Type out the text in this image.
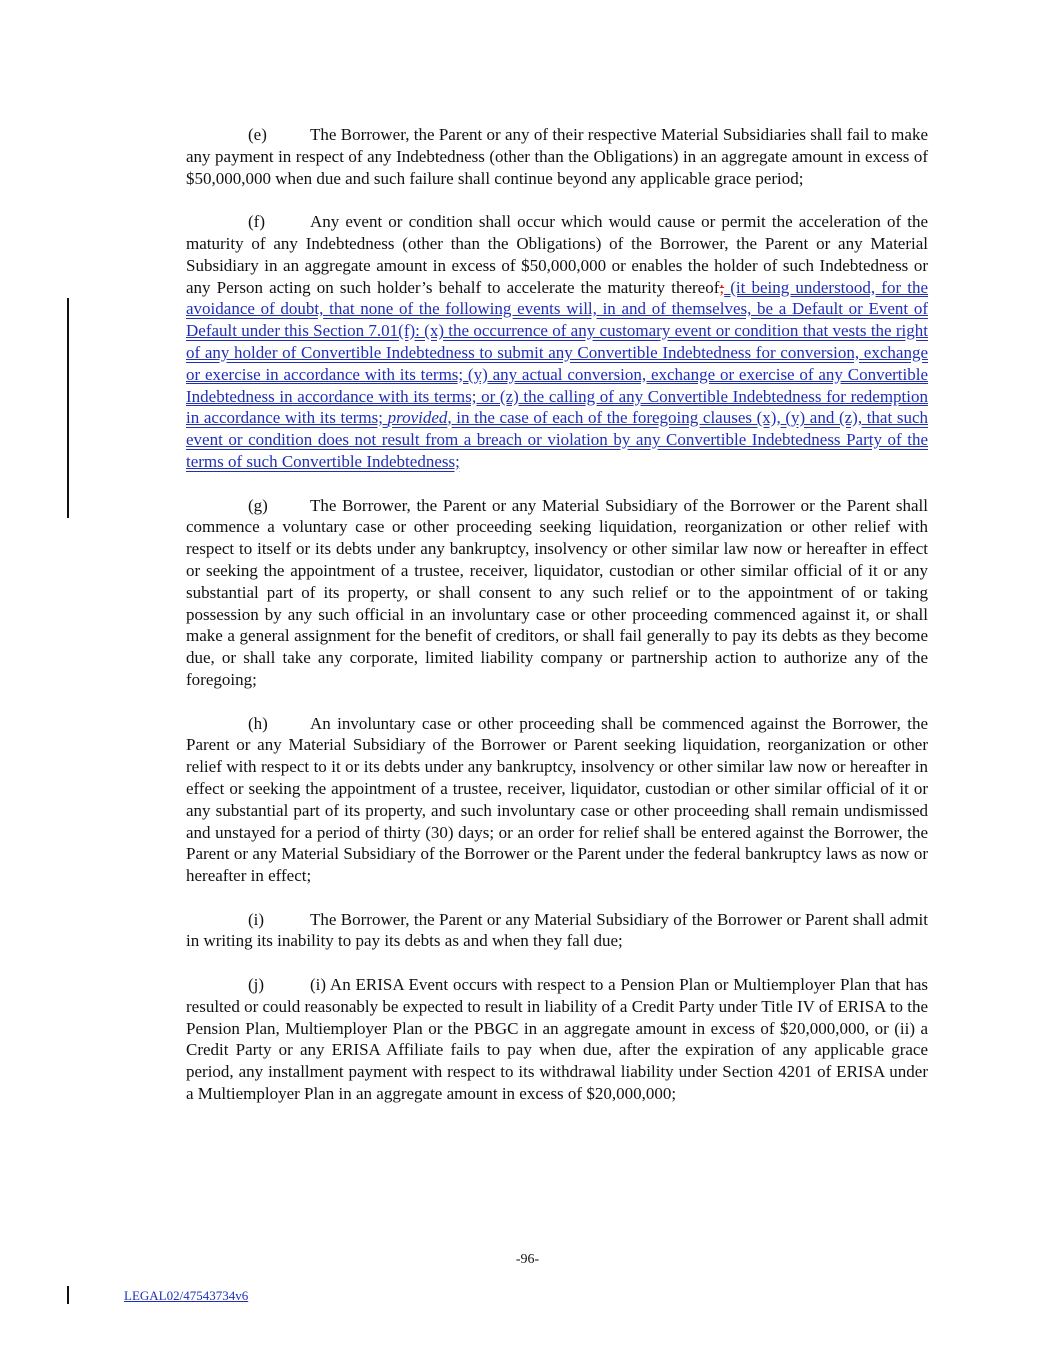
(e)	The Borrower, the Parent or any of their respective Material Subsidiaries shall fail to make any payment in respect of any Indebtedness (other than the Obligations) in an aggregate amount in excess of $50,000,000 when due and such failure shall continue beyond any applicable grace period;

(f)	Any event or condition shall occur which would cause or permit the acceleration of the maturity of any Indebtedness (other than the Obligations) of the Borrower, the Parent or any Material Subsidiary in an aggregate amount in excess of $50,000,000 or enables the holder of such Indebtedness or any Person acting on such holder’s behalf to accelerate the maturity thereof; (it being understood, for the avoidance of doubt, that none of the following events will, in and of themselves, be a Default or Event of Default under this Section 7.01(f): (x) the occurrence of any customary event or condition that vests the right of any holder of Convertible Indebtedness to submit any Convertible Indebtedness for conversion, exchange or exercise in accordance with its terms; (y) any actual conversion, exchange or exercise of any Convertible Indebtedness in accordance with its terms; or (z) the calling of any Convertible Indebtedness for redemption in accordance with its terms; provided, in the case of each of the foregoing clauses (x), (y) and (z), that such event or condition does not result from a breach or violation by any Convertible Indebtedness Party of the terms of such Convertible Indebtedness;

(g) The Borrower, the Parent or any Material Subsidiary of the Borrower or the Parent shall commence a voluntary case or other proceeding seeking liquidation, reorganization or other relief with respect to itself or its debts under any bankruptcy, insolvency or other similar law now or hereafter in effect or seeking the appointment of a trustee, receiver, liquidator, custodian or other similar official of it or any substantial part of its property, or shall consent to any such relief or to the appointment of or taking possession by any such official in an involuntary case or other proceeding commenced against it, or shall make a general assignment for the benefit of creditors, or shall fail generally to pay its debts as they become due, or shall take any corporate, limited liability company or partnership action to authorize any of the foregoing;

(h) An involuntary case or other proceeding shall be commenced against the Borrower, the Parent or any Material Subsidiary of the Borrower or Parent seeking liquidation, reorganization or other relief with respect to it or its debts under any bankruptcy, insolvency or other similar law now or hereafter in effect or seeking the appointment of a trustee, receiver, liquidator, custodian or other similar official of it or any substantial part of its property, and such involuntary case or other proceeding shall remain undismissed and unstayed for a period of thirty (30) days; or an order for relief shall be entered against the Borrower, the Parent or any Material Subsidiary of the Borrower or the Parent under the federal bankruptcy laws as now or hereafter in effect;

(i)	The Borrower, the Parent or any Material Subsidiary of the Borrower or Parent shall admit in writing its inability to pay its debts as and when they fall due;

(j)	(i) An ERISA Event occurs with respect to a Pension Plan or Multiemployer Plan that has resulted or could reasonably be expected to result in liability of a Credit Party under Title IV of ERISA to the Pension Plan, Multiemployer Plan or the PBGC in an aggregate amount in excess of $20,000,000, or (ii) a Credit Party or any ERISA Affiliate fails to pay when due, after the expiration of any applicable grace period, any installment payment with respect to its withdrawal liability under Section 4201 of ERISA under a Multiemployer Plan in an aggregate amount in excess of $20,000,000;

-96-
LEGAL02/47543734v6
